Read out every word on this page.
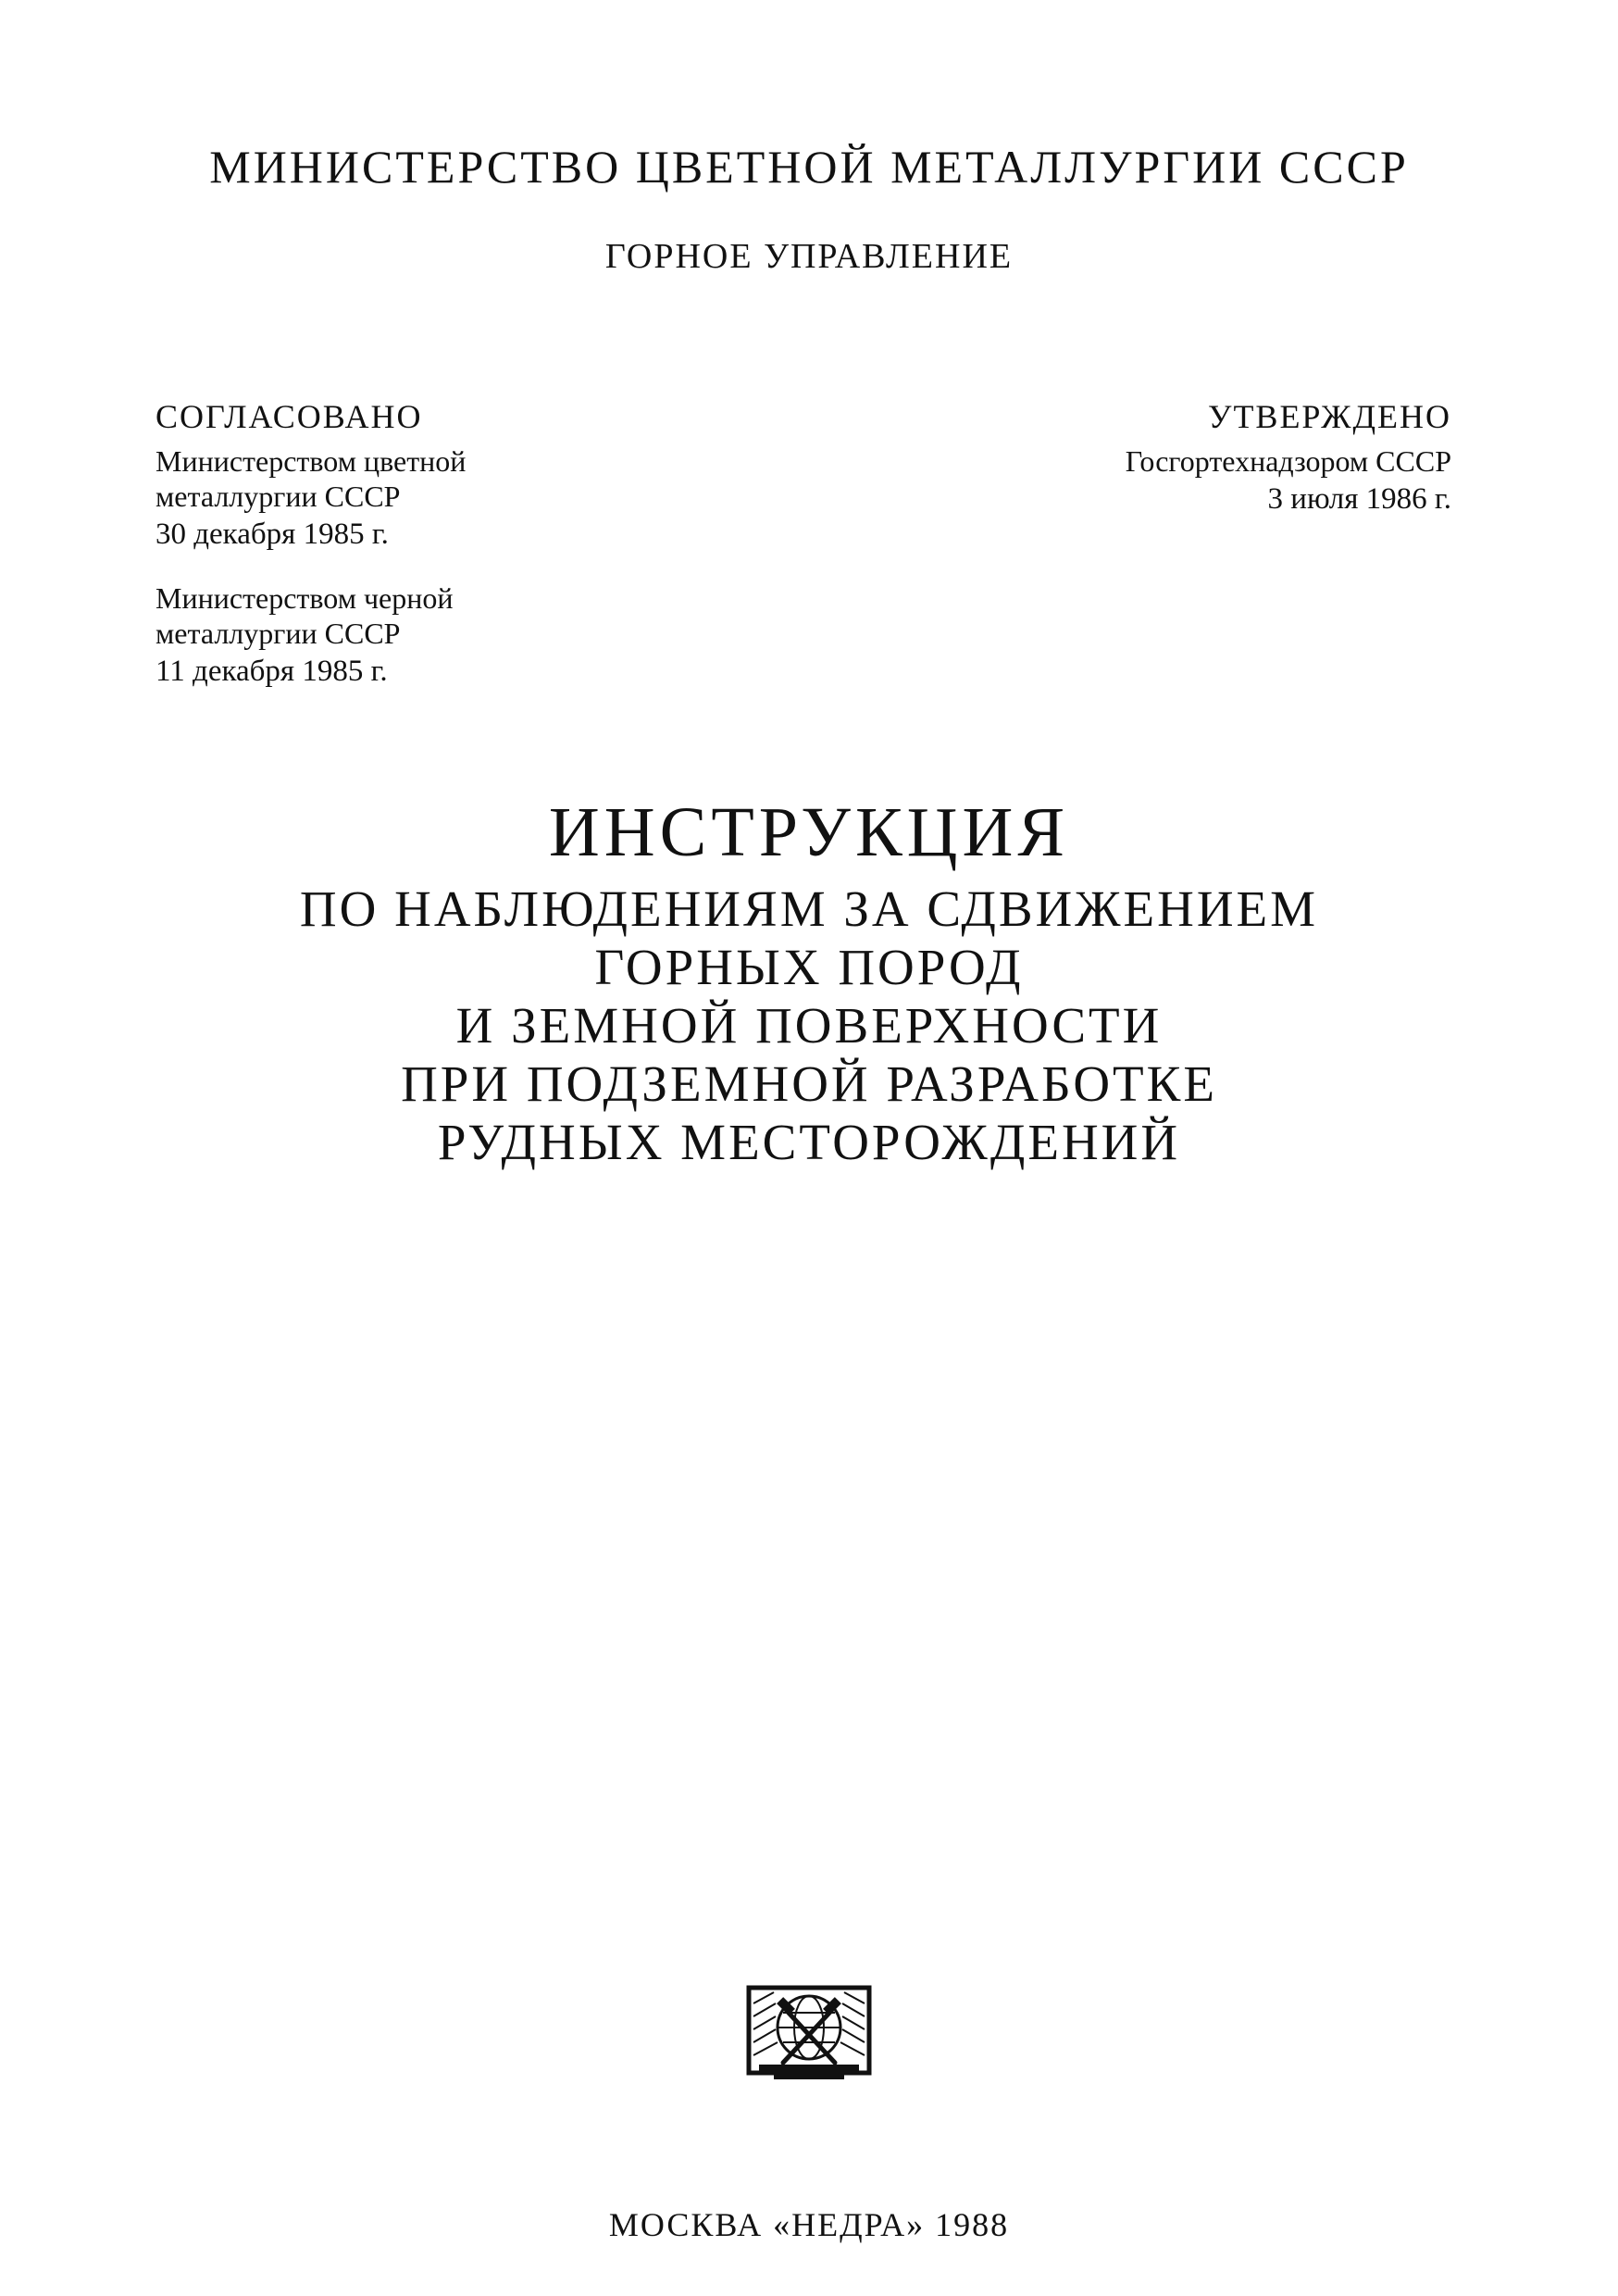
МИНИСТЕРСТВО ЦВЕТНОЙ МЕТАЛЛУРГИИ СССР
ГОРНОЕ УПРАВЛЕНИЕ
СОГЛАСОВАНО
Министерством цветной
металлургии СССР
30 декабря 1985 г.
Министерством черной
металлургии СССР
11 декабря 1985 г.
УТВЕРЖДЕНО
Госгортехнадзором СССР
3 июля 1986 г.
ИНСТРУКЦИЯ
ПО НАБЛЮДЕНИЯМ ЗА СДВИЖЕНИЕМ
ГОРНЫХ ПОРОД
И ЗЕМНОЙ ПОВЕРХНОСТИ
ПРИ ПОДЗЕМНОЙ РАЗРАБОТКЕ
РУДНЫХ МЕСТОРОЖДЕНИЙ
МОСКВА «НЕДРА» 1988
